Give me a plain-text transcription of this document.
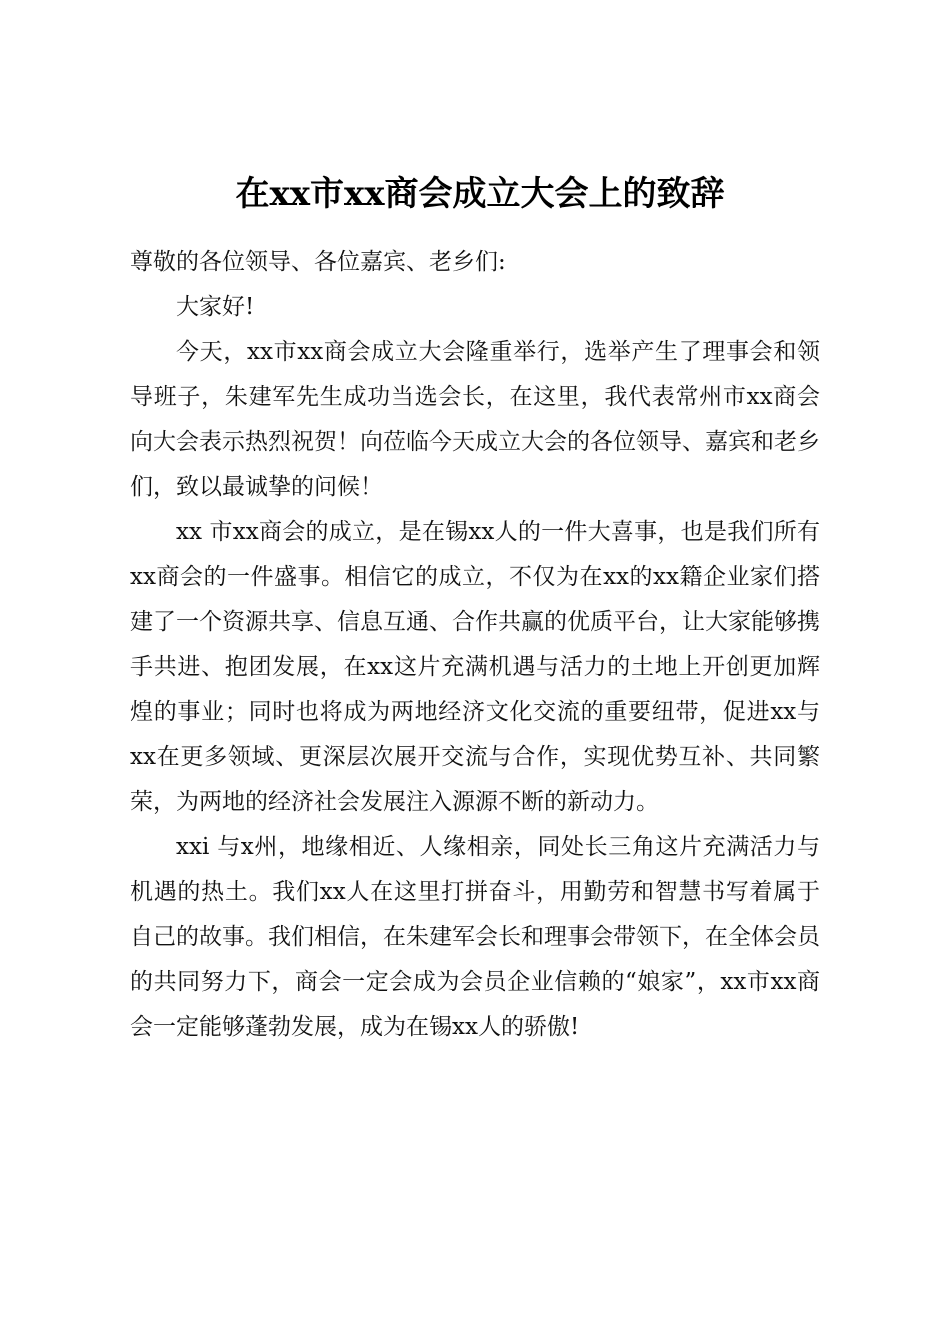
在xx市xx商会成立大会上的致辞

尊敬的各位领导、各位嘉宾、老乡们:

大家好!

今天，xx市xx商会成立大会隆重举行，选举产生了理事会和领导班子，朱建军先生成功当选会长，在这里，我代表常州市xx商会向大会表示热烈祝贺！向莅临今天成立大会的各位领导、嘉宾和老乡们，致以最诚挚的问候！

xx 市xx商会的成立，是在锡xx人的一件大喜事，也是我们所有xx商会的一件盛事。相信它的成立，不仅为在xx的xx籍企业家们搭建了一个资源共享、信息互通、合作共赢的优质平台，让大家能够携手共进、抱团发展，在xx这片充满机遇与活力的土地上开创更加辉煌的事业；同时也将成为两地经济文化交流的重要纽带，促进xx与xx在更多领域、更深层次展开交流与合作，实现优势互补、共同繁荣，为两地的经济社会发展注入源源不断的新动力。

xxi 与x州，地缘相近、人缘相亲，同处长三角这片充满活力与机遇的热土。我们xx人在这里打拼奋斗，用勤劳和智慧书写着属于自己的故事。我们相信，在朱建军会长和理事会带领下，在全体会员的共同努力下，商会一定会成为会员企业信赖的“娘家”，xx市xx商会一定能够蓬勃发展，成为在锡xx人的骄傲!
